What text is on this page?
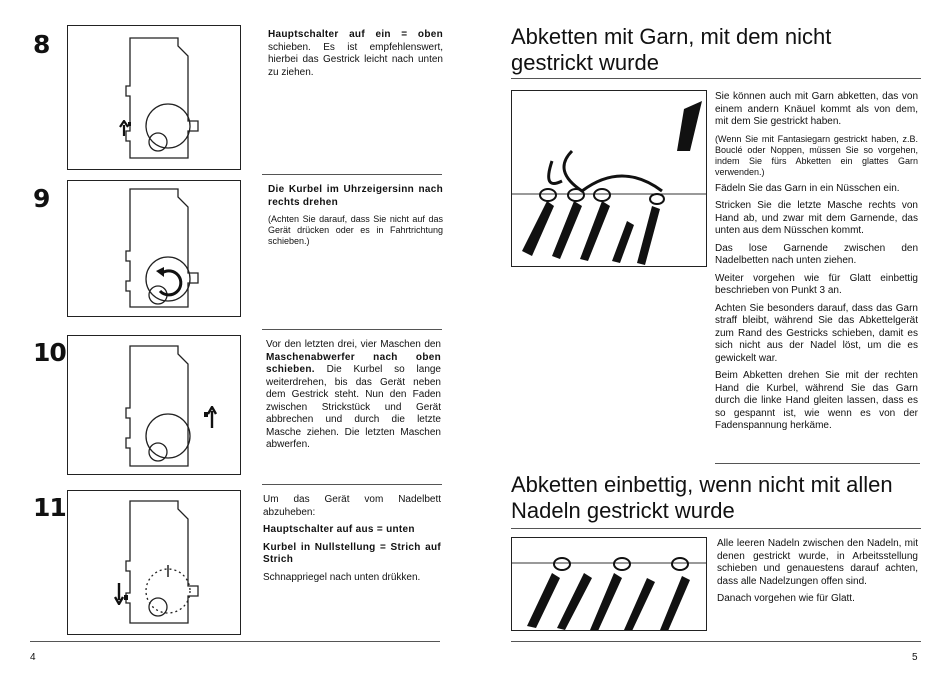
8	Hauptschalter auf ein = oben schieben. Es ist empfehlenswert, hierbei das Gestrick leicht nach unten zu ziehen.

9	Die Kurbel im Uhrzeigersinn nach rechts drehen

(Achten Sie darauf, dass Sie nicht auf das Gerät drücken oder es in Fahrtrichtung schieben.)

10	Vor den letzten drei, vier Maschen den Maschenabwerfer nach oben schieben. Die Kurbel so lange weiterdrehen, bis das Gerät neben dem Gestrick steht. Nun den Faden zwischen Strickstück und Gerät abbrechen und durch die letzte Masche ziehen. Die letzten Maschen abwerfen.

11	Um das Gerät vom Nadelbett abzuheben:

Hauptschalter auf aus = unten

Kurbel in Nullstellung = Strich auf Strich

Schnappriegel nach unten drükken.

4
Abketten mit Garn, mit dem nicht gestrickt wurde

Sie können auch mit Garn abketten, das von einem andern Knäuel kommt als von dem, mit dem Sie gestrickt haben.

(Wenn Sie mit Fantasiegarn gestrickt haben, z.B. Bouclé oder Noppen, müssen Sie so vorgehen, indem Sie fürs Abketten ein glattes Garn verwenden.)

Fädeln Sie das Garn in ein Nüsschen ein.

Stricken Sie die letzte Masche rechts von Hand ab, und zwar mit dem Garnende, das unten aus dem Nüsschen kommt.

Das lose Garnende zwischen den Nadelbetten nach unten ziehen.

Weiter vorgehen wie für Glatt einbettig beschrieben von Punkt 3 an.

Achten Sie besonders darauf, dass das Garn straff bleibt, während Sie das Abkettelgerät zum Rand des Gestricks schieben, damit es sich nicht aus der Nadel löst, um die es gewickelt war.

Beim Abketten drehen Sie mit der rechten Hand die Kurbel, während Sie das Garn durch die linke Hand gleiten lassen, dass es so gespannt ist, wie wenn es von der Fadenspannung herkäme.

Abketten einbettig, wenn nicht mit allen Nadeln gestrickt wurde

Alle leeren Nadeln zwischen den Nadeln, mit denen gestrickt wurde, in Arbeitsstellung schieben und genauestens darauf achten, dass alle Nadelzungen offen sind.

Danach vorgehen wie für Glatt.

5
